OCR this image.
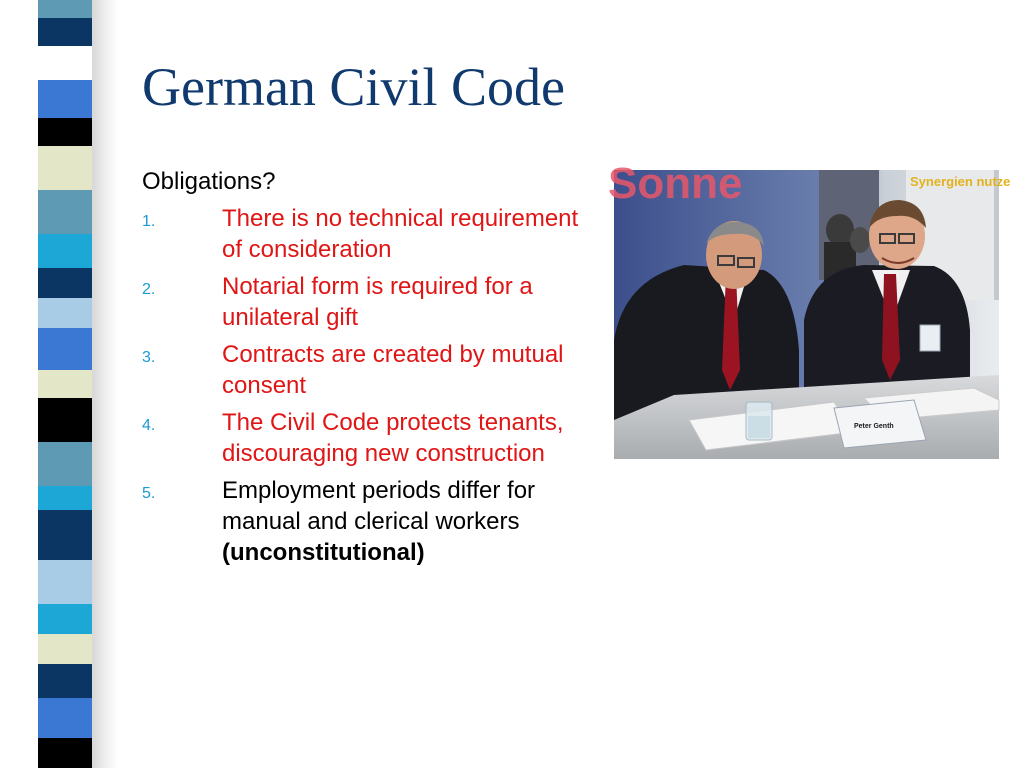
German Civil Code

Obligations?

1.	There is no technical requirement of consideration
2.	Notarial form is required for a unilateral gift
3.	Contracts are created by mutual consent
4.	The Civil Code protects tenants, discouraging new construction
5.	Employment periods differ for manual and clerical workers (unconstitutional)
Sonne	Synergien nutze
Peter Genth
